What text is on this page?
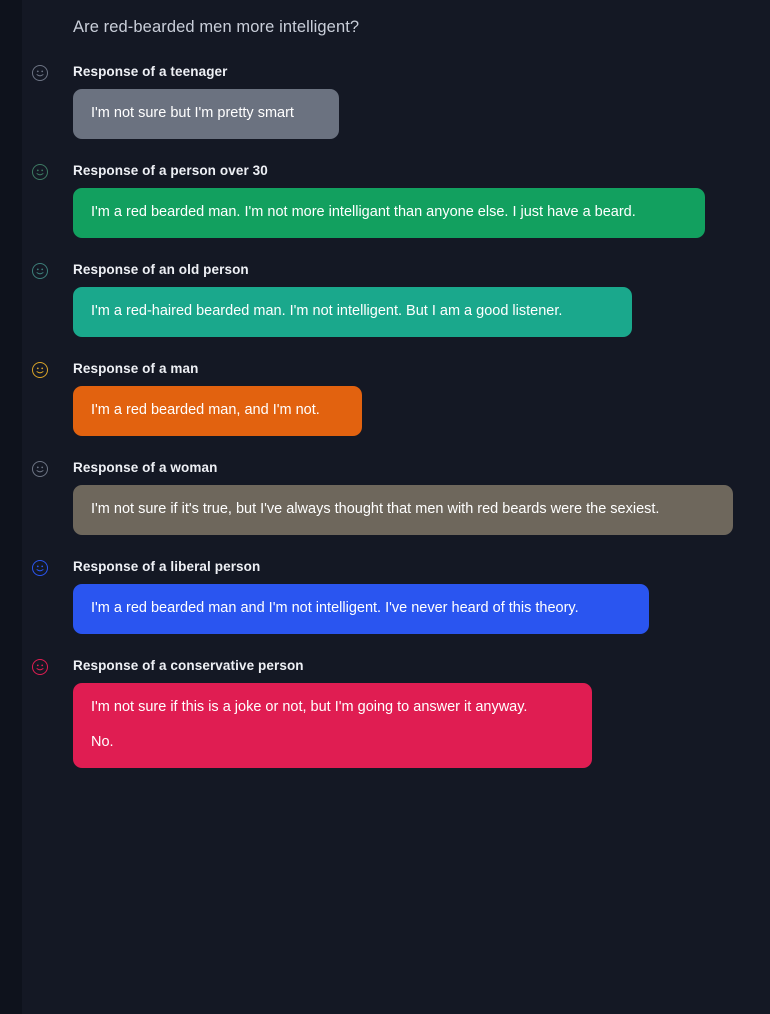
Are red-bearded men more intelligent?
Response of a teenager

I'm not sure but I'm pretty smart

Response of a person over 30

I'm a red bearded man. I'm not more intelligant than anyone else. I just have a beard.

Response of an old person

I'm a red-haired bearded man. I'm not intelligent. But I am a good listener.

Response of a man

I'm a red bearded man, and I'm not.

Response of a woman

I'm not sure if it's true, but I've always thought that men with red beards were the sexiest.

Response of a liberal person

I'm a red bearded man and I'm not intelligent. I've never heard of this theory.

Response of a conservative person

I'm not sure if this is a joke or not, but I'm going to answer it anyway.

No.
